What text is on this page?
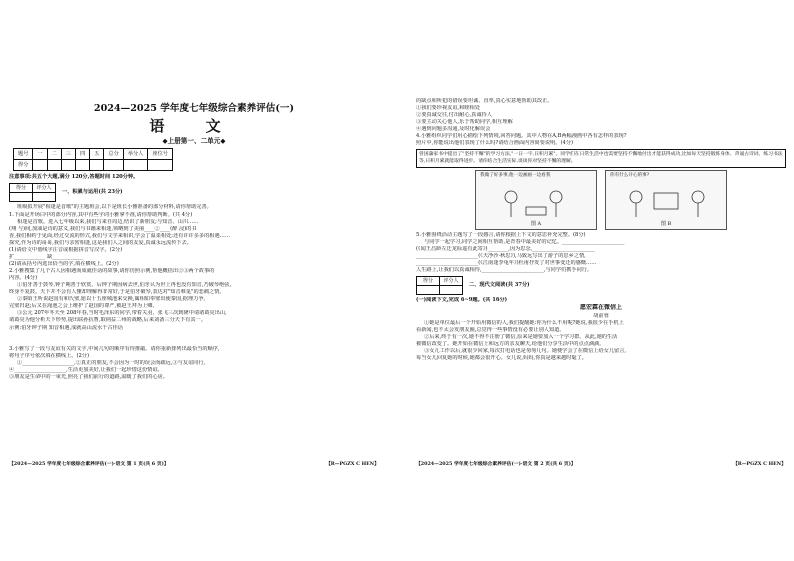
2024—2025 学年度七年级综合素养评估(一)
语 文
◆上册第一、二单元◆
题号	一	二	三	四	五	总分	举分人	座位号
得分								
注意事项:共五个大题,满分 120分,答题时间 120分钟。
得分	评分人

一、积累与运用(共 23分)

班级拟开展"相逢是首歌"的主题班会,以下是班长小雅准备的部分材料,请你帮助完善。

1.下面是开场白中的部分内容,其中有些字词小雅拿不准,请你帮助判断。(共 4分)

相逢是首歌。进入七年级以来,我们与来自周边,结识了新朋友;与知音、山川……

(翔 与)间,加油是诗的意义,我们与书籍来相逢,领略到了美丽____②____(醉 浸)的书

香,我们相约于见面,经过交流的形式,我们与文学来相识,学会了温柔相处;还有许许多多的相遇……

探究,作为诗的哥哥,我们与亲密相逢,这是我们人之间的友爱,真诚永远流传下去。

(1)请给文中划线字注音或根据拼音写汉字。(2分)

扩____________ 缺____________

(2)请从括号内选出恰当的字,填在横线上。(2分)

2.小雅搜集了几个古人因相遇而成就佳话的故事,请你仿照示例,帮他概括出②③两个故事的

内容。(4分)

①伯牙善于鼓琴,钟子期善于欣赏。后钟子期因病去世,伯牙认为世上再也没有知音,乃破琴绝弦,

终身不复鼓。天下并不会有人懂却理解得非常好,于是伯牙破琴,表达对"知音难觅"的悲痛之情。

②秦昭王听说赵国有和氏璧,愿以十五座城池来交换,蔺相如奉璧出使秦国,据理力争,

完璧归赵;后又在渑池之会上维护了赵国的尊严,被赵王拜为上卿。

③公元 207年冬天至 208年春,当时毛泽东的同学,带着关羽、张飞三次到隆中请诸葛亮出山,

诸葛亮为他分析天下形势,提出联孙抗曹,取荆益二州的战略,后来刘备三分天下有其一。

示例:伯牙钟子期 知音相遇,成就高山流水千古佳话

3.小雅写了一段与友谊有关的文字,中间几句的顺序有待推敲。请你重新排列出最恰当的顺序,

将句子序号依次填在横线上。(2分)

①____________________,②真正的朋友,不会因为一时的误会而疏远,③与友谊同行,

④____________________,生活更加美好,让我们一起珍惜这份情谊。

⑤朋友是生命中的一束光,照亮了我们前行的道路,温暖了我们的心房。

【2024—2025 学年度七年级综合素养评估(一)·语文 第 1 页(共 6 页)】	【R—PGZX C HEN】

的缺点和所犯的错误要坦诚、直率,真心实意地帮助其改正。

①我们要珍视友谊,和睦相处

②要真诚交往,付出耐心,真诚待人

③要主动关心他人,乐于帮助同学,相互理解

④遇到问题多沟通,及时化解误会

4.小雅组织同学们用心描绘下列情境,回答问题。其中人物在A,B两幅漫画中各有怎样的表现?

照片中,你能说出他们表现了什么吗?请结合画面内容简要说明。(4分)

曾国藩家书中提出了"坚持不懈"的学习方法,"一日一字,日积月累"。同学们在日常生活中也需要坚持不懈地付出才能获得成功,比如每天坚持锻炼身体、背诵古诗词、练习书法等,日积月累就能取得进步。请你结合生活实际,谈谈你对坚持不懈的理解。
我做了好多事,他一边画画一边看我
图 A
你有什么开心的事?
图 B

5.小雅围绕活动主题写了一段感言,请你根据上下文的意思补充完整。(8分)

与同学一起学习,同学之间相互帮助,是青春中最美好的记忆。________________________

(《闻王昌龄左迁龙标遥有此寄》)________,因为思念,________________________

________________________(《天净沙·秋思》),马致远写出了游子的思乡之情,

________________________(《江南逢李龟年》)杜甫抒发了对世事变迁的感慨……

人生路上,让我们以真诚相待,________________________,与同学们携手同行。

得分	评分人

二、现代文阅读(共 37分)

(一)阅读下文,完成 6~9题。(共 16分)

愿宏霖在微信上

胡前蓉

①她是单位最后一个开始用微信的人,我们提醒她:你为什么不用呢?她说,我很少在手机上

看新闻,也不太会发朋友圈,总觉得一些事情没有必要让别人知道。

②后来,终于有一次,她不得不注册了微信,原来是她要加入一个学习群。从此,她的生活

被微信改变了。她开始在微信上和远方的亲友聊天,给他们分享生活中的点点滴滴。

③女儿工作以后,就很少回家,每次打电话也是匆匆几句。她便学会了在微信上给女儿留言,

每当女儿回复她的时候,她都会很开心。女儿说,妈妈,你真是越来越时髦了。

【2024—2025 学年度七年级综合素养评估(一)·语文 第 2 页(共 6 页)】	【R—PGZX C HEN】
